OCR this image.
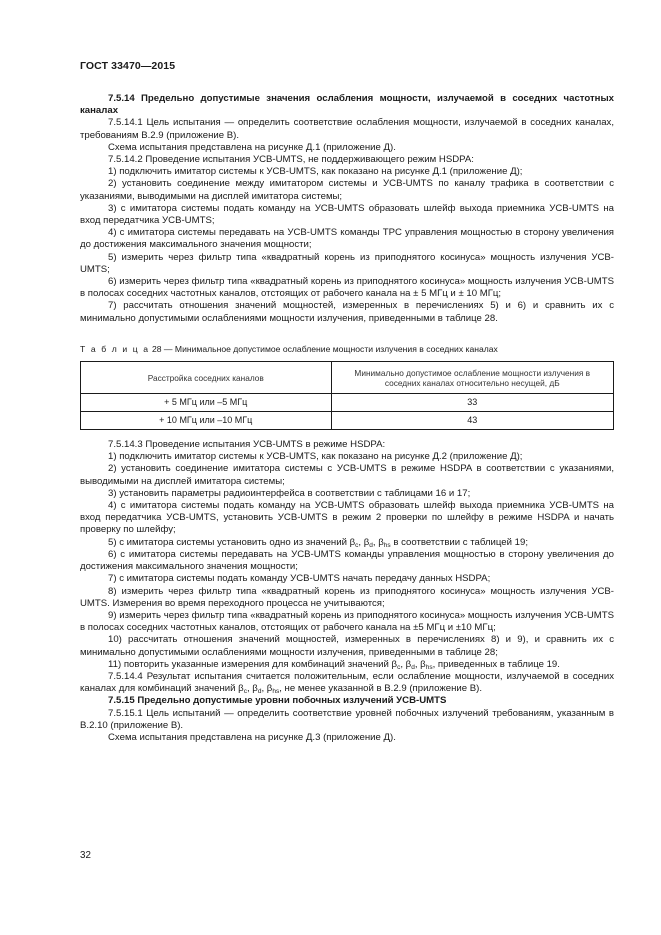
ГОСТ 33470—2015

7.5.14 Предельно допустимые значения ослабления мощности, излучаемой в соседних частотных каналах

7.5.14.1 Цель испытания — определить соответствие ослабления мощности, излучаемой в соседних каналах, требованиям В.2.9 (приложение В).

Схема испытания представлена на рисунке Д.1 (приложение Д).

7.5.14.2 Проведение испытания УСВ-UMTS, не поддерживающего режим HSDPA:

1) подключить имитатор системы к УСВ-UMTS, как показано на рисунке Д.1 (приложение Д);

2) установить соединение между имитатором системы и УСВ-UMTS по каналу трафика в соответствии с указаниями, выводимыми на дисплей имитатора системы;

3) с имитатора системы подать команду на УСВ-UMTS образовать шлейф выхода приемника УСВ-UMTS на вход передатчика УСВ-UMTS;

4) с имитатора системы передавать на УСВ-UMTS команды ТРС управления мощностью в сторону увеличения до достижения максимального значения мощности;

5) измерить через фильтр типа «квадратный корень из приподнятого косинуса» мощность излучения УСВ-UMTS;

6) измерить через фильтр типа «квадратный корень из приподнятого косинуса» мощность излучения УСВ-UMTS в полосах соседних частотных каналов, отстоящих от рабочего канала на ± 5 МГц и ± 10 МГц;

7) рассчитать отношения значений мощностей, измеренных в перечислениях 5) и 6) и сравнить их с минимально допустимыми ослаблениями мощности излучения, приведенными в таблице 28.

Т а б л и ц а 28 — Минимальное допустимое ослабление мощности излучения в соседних каналах

Расстройка соседних каналов	Минимально допустимое ослабление мощности излучения в соседних каналах относительно несущей, дБ
+ 5 МГц или –5 МГц	33
+ 10 МГц или –10 МГц	43

7.5.14.3 Проведение испытания УСВ-UMTS в режиме HSDPA:

1) подключить имитатор системы к УСВ-UMTS, как показано на рисунке Д.2 (приложение Д);

2) установить соединение имитатора системы с УСВ-UMTS в режиме HSDPA в соответствии с указаниями, выводимыми на дисплей имитатора системы;

3) установить параметры радиоинтерфейса в соответствии с таблицами 16 и 17;

4) с имитатора системы подать команду на УСВ-UMTS образовать шлейф выхода приемника УСВ-UMTS на вход передатчика УСВ-UMTS, установить УСВ-UMTS в режим 2 проверки по шлейфу в режиме HSDPA и начать проверку по шлейфу;

5) с имитатора системы установить одно из значений $\beta_c$, $\beta_d$, $\beta_{hs}$ в соответствии с таблицей 19;

6) с имитатора системы передавать на УСВ-UMTS команды управления мощностью в сторону увеличения до достижения максимального значения мощности;

7) с имитатора системы подать команду УСВ-UMTS начать передачу данных HSDPA;

8) измерить через фильтр типа «квадратный корень из приподнятого косинуса» мощность излучения УСВ-UMTS. Измерения во время переходного процесса не учитываются;

9) измерить через фильтр типа «квадратный корень из приподнятого косинуса» мощность излучения УСВ-UMTS в полосах соседних частотных каналов, отстоящих от рабочего канала на ±5 МГц и ±10 МГц;

10) рассчитать отношения значений мощностей, измеренных в перечислениях 8) и 9), и сравнить их с минимально допустимыми ослаблениями мощности излучения, приведенными в таблице 28;

11) повторить указанные измерения для комбинаций значений $\beta_c$, $\beta_d$, $\beta_{hs}$, приведенных в таблице 19.

7.5.14.4 Результат испытания считается положительным, если ослабление мощности, излучаемой в соседних каналах для комбинаций значений $\beta_c$, $\beta_d$, $\beta_{hs}$, не менее указанной в В.2.9 (приложение В).

7.5.15 Предельно допустимые уровни побочных излучений УСВ-UMTS

7.5.15.1 Цель испытаний — определить соответствие уровней побочных излучений требованиям, указанным в В.2.10 (приложение В).

Схема испытания представлена на рисунке Д.3 (приложение Д).

32
